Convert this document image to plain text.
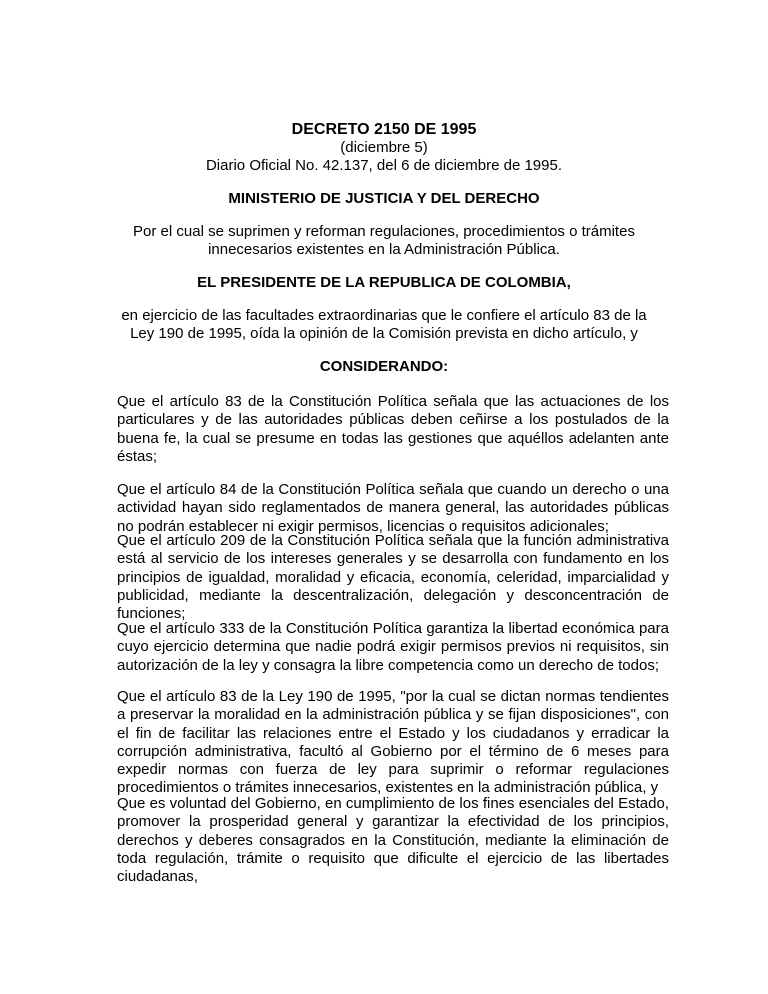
DECRETO 2150 DE 1995

(diciembre 5)

Diario Oficial No. 42.137, del 6 de diciembre de 1995.

MINISTERIO DE JUSTICIA Y DEL DERECHO

Por el cual se suprimen y reforman regulaciones, procedimientos o trámites

innecesarios existentes en la Administración Pública.

EL PRESIDENTE DE LA REPUBLICA DE COLOMBIA,

en ejercicio de las facultades extraordinarias que le confiere el artículo 83 de la

Ley 190 de 1995, oída la opinión de la Comisión prevista en dicho artículo, y

CONSIDERANDO:

Que el artículo 83 de la Constitución Política señala que las actuaciones de los particulares y de las autoridades públicas deben ceñirse a los postulados de la buena fe, la cual se presume en todas las gestiones que aquéllos adelanten ante éstas;

Que el artículo 84 de la Constitución Política señala que cuando un derecho o una actividad hayan sido reglamentados de manera general, las autoridades públicas no podrán establecer ni exigir permisos, licencias o requisitos adicionales;

Que el artículo 209 de la Constitución Política señala que la función administrativa está al servicio de los intereses generales y se desarrolla con fundamento en los principios de igualdad, moralidad y eficacia, economía, celeridad, imparcialidad y publicidad, mediante la descentralización, delegación y desconcentración de funciones;

Que el artículo 333 de la Constitución Política garantiza la libertad económica para cuyo ejercicio determina que nadie podrá exigir permisos previos ni requisitos, sin autorización de la ley y consagra la libre competencia como un derecho de todos;

Que el artículo 83 de la Ley 190 de 1995, "por la cual se dictan normas tendientes a preservar la moralidad en la administración pública y se fijan disposiciones", con el fin de facilitar las relaciones entre el Estado y los ciudadanos y erradicar la corrupción administrativa, facultó al Gobierno por el término de 6 meses para expedir normas con fuerza de ley para suprimir o reformar regulaciones procedimientos o trámites innecesarios, existentes en la administración pública, y

Que es voluntad del Gobierno, en cumplimiento de los fines esenciales del Estado, promover la prosperidad general y garantizar la efectividad de los principios, derechos y deberes consagrados en la Constitución, mediante la eliminación de toda regulación, trámite o requisito que dificulte el ejercicio de las libertades ciudadanas,
